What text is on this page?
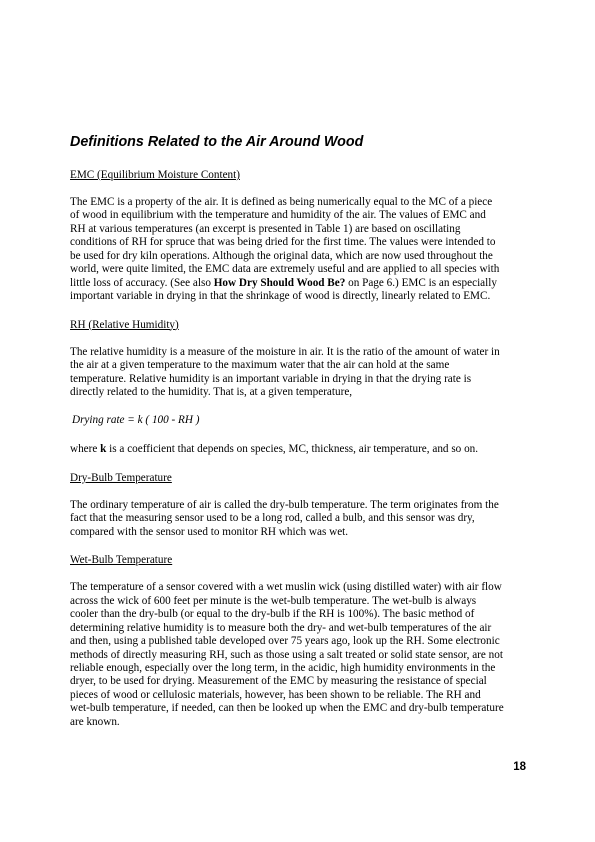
Definitions Related to the Air Around Wood
EMC (Equilibrium Moisture Content)
The EMC is a property of the air. It is defined as being numerically equal to the MC of a piece
of wood in equilibrium with the temperature and humidity of the air. The values of EMC and
RH at various temperatures (an excerpt is presented in Table 1) are based on oscillating
conditions of RH for spruce that was being dried for the first time. The values were intended to
be used for dry kiln operations. Although the original data, which are now used throughout the
world, were quite limited, the EMC data are extremely useful and are applied to all species with
little loss of accuracy. (See also How Dry Should Wood Be? on Page 6.) EMC is an especially
important variable in drying in that the shrinkage of wood is directly, linearly related to EMC.
RH (Relative Humidity)
The relative humidity is a measure of the moisture in air. It is the ratio of the amount of water in
the air at a given temperature to the maximum water that the air can hold at the same
temperature. Relative humidity is an important variable in drying in that the drying rate is
directly related to the humidity. That is, at a given temperature,
Drying rate = k ( 100 - RH )
where k is a coefficient that depends on species, MC, thickness, air temperature, and so on.
Dry-Bulb Temperature
The ordinary temperature of air is called the dry-bulb temperature. The term originates from the
fact that the measuring sensor used to be a long rod, called a bulb, and this sensor was dry,
compared with the sensor used to monitor RH which was wet.
Wet-Bulb Temperature
The temperature of a sensor covered with a wet muslin wick (using distilled water) with air flow
across the wick of 600 feet per minute is the wet-bulb temperature. The wet-bulb is always
cooler than the dry-bulb (or equal to the dry-bulb if the RH is 100%). The basic method of
determining relative humidity is to measure both the dry- and wet-bulb temperatures of the air
and then, using a published table developed over 75 years ago, look up the RH. Some electronic
methods of directly measuring RH, such as those using a salt treated or solid state sensor, are not
reliable enough, especially over the long term, in the acidic, high humidity environments in the
dryer, to be used for drying. Measurement of the EMC by measuring the resistance of special
pieces of wood or cellulosic materials, however, has been shown to be reliable. The RH and
wet-bulb temperature, if needed, can then be looked up when the EMC and dry-bulb temperature
are known.
18
